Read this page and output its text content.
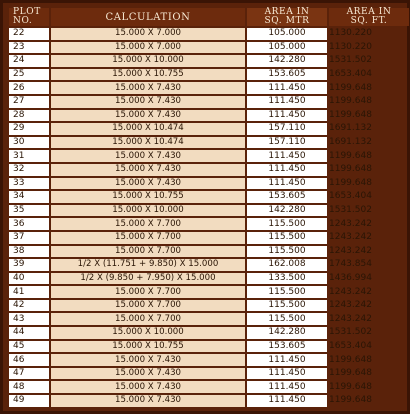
PLOT
NO.	CALCULATION	AREA IN
SQ. MTR	AREA IN
SQ. FT.
22	15.000 X 7.000	105.000	1130.220
23	15.000 X 7.000	105.000	1130.220
24	15.000 X 10.000	142.280	1531.502
25	15.000 X 10.755	153.605	1653.404
26	15.000 X 7.430	111.450	1199.648
27	15.000 X 7.430	111.450	1199.648
28	15.000 X 7.430	111.450	1199.648
29	15.000 X 10.474	157.110	1691.132
30	15.000 X 10.474	157.110	1691.132
31	15.000 X 7.430	111.450	1199.648
32	15.000 X 7.430	111.450	1199.648
33	15.000 X 7.430	111.450	1199.648
34	15.000 X 10.755	153.605	1653.404
35	15.000 X 10.000	142.280	1531.502
36	15.000 X 7.700	115.500	1243.242
37	15.000 X 7.700	115.500	1243.242
38	15.000 X 7.700	115.500	1243.242
39	1/2 X (11.751 + 9.850) X 15.000	162.008	1743.854
40	1/2 X (9.850 + 7.950) X 15.000	133.500	1436.994
41	15.000 X 7.700	115.500	1243.242
42	15.000 X 7.700	115.500	1243.242
43	15.000 X 7.700	115.500	1243.242
44	15.000 X 10.000	142.280	1531.502
45	15.000 X 10.755	153.605	1653.404
46	15.000 X 7.430	111.450	1199.648
47	15.000 X 7.430	111.450	1199.648
48	15.000 X 7.430	111.450	1199.648
49	15.000 X 7.430	111.450	1199.648
